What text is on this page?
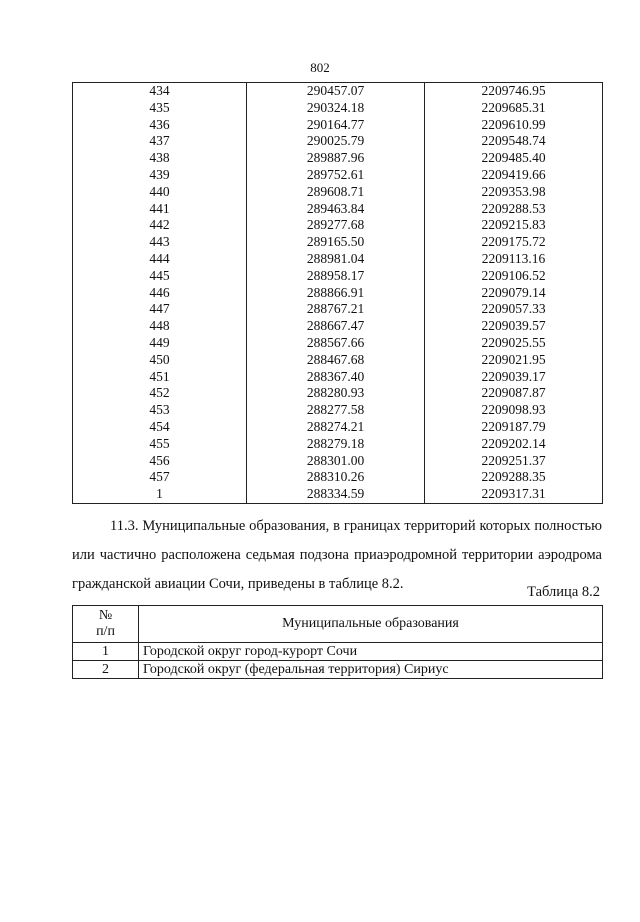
802
434	290457.07	2209746.95
435	290324.18	2209685.31
436	290164.77	2209610.99
437	290025.79	2209548.74
438	289887.96	2209485.40
439	289752.61	2209419.66
440	289608.71	2209353.98
441	289463.84	2209288.53
442	289277.68	2209215.83
443	289165.50	2209175.72
444	288981.04	2209113.16
445	288958.17	2209106.52
446	288866.91	2209079.14
447	288767.21	2209057.33
448	288667.47	2209039.57
449	288567.66	2209025.55
450	288467.68	2209021.95
451	288367.40	2209039.17
452	288280.93	2209087.87
453	288277.58	2209098.93
454	288274.21	2209187.79
455	288279.18	2209202.14
456	288301.00	2209251.37
457	288310.26	2209288.35
1	288334.59	2209317.31

11.3. Муниципальные образования, в границах территорий которых полностью или частично расположена седьмая подзона приаэродромной территории аэродрома гражданской авиации Сочи, приведены в таблице 8.2.	Таблица 8.2
№
п/п	Муниципальные образования
1	Городской округ город-курорт Сочи
2	Городской округ (федеральная территория) Сириус
